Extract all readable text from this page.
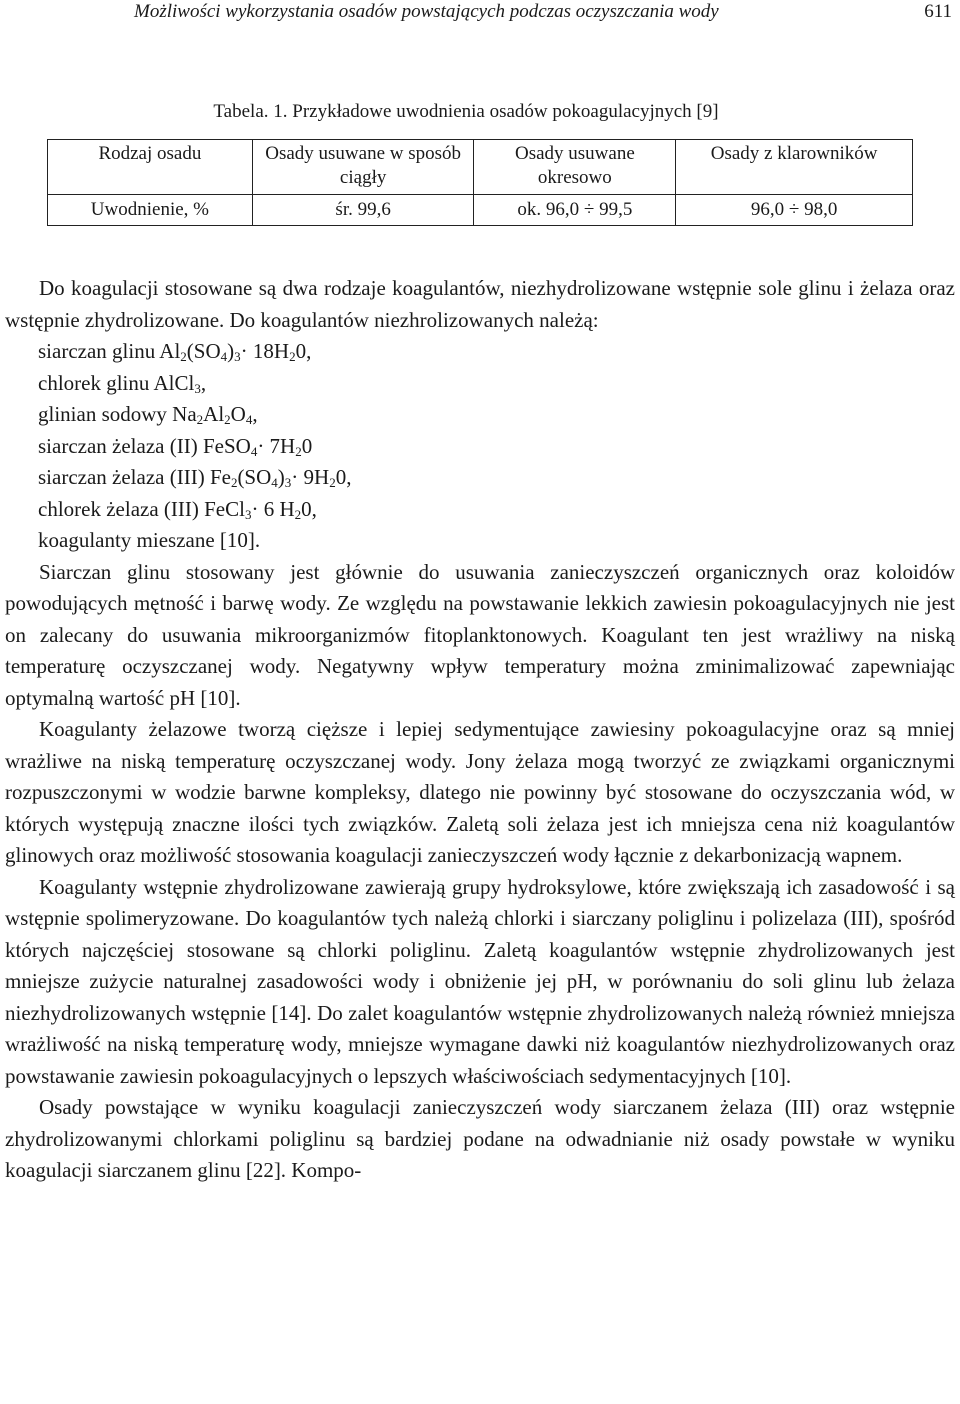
Możliwości wykorzystania osadów powstających podczas oczyszczania wody	611
Tabela. 1. Przykładowe uwodnienia osadów pokoagulacyjnych [9]
Rodzaj osadu	Osady usuwane w sposób ciągły	Osady usuwane okresowo	Osady z klarowników
Uwodnienie, %	śr. 99,6	ok. 96,0 ÷ 99,5	96,0 ÷ 98,0

Do koagulacji stosowane są dwa rodzaje koagulantów, niezhydrolizowane wstępnie sole glinu i żelaza oraz wstępnie zhydrolizowane. Do koagulantów niezhrolizowanych należą:

siarczan glinu $Al_2(SO_4)_3\cdot 18H_20$,
chlorek glinu AlCl$_3$,
glinian sodowy $Na_2Al_2O_4$,
siarczan żelaza (II) FeSO$_4$· $7H_20$
siarczan żelaza (III) $Fe_2(SO_4)_3\cdot 9H_20$,
chlorek żelaza (III) FeCl$_3$· 6 $H_20$,
koagulanty mieszane [10].

Siarczan glinu stosowany jest głównie do usuwania zanieczyszczeń organicznych oraz koloidów powodujących mętność i barwę wody. Ze względu na powstawanie lekkich zawiesin pokoagulacyjnych nie jest on zalecany do usuwania mikroorganizmów fitoplanktonowych. Koagulant ten jest wrażliwy na niską temperaturę oczyszczanej wody. Negatywny wpływ temperatury można zminimalizować zapewniając optymalną wartość pH [10].

Koagulanty żelazowe tworzą cięższe i lepiej sedymentujące zawiesiny pokoagulacyjne oraz są mniej wrażliwe na niską temperaturę oczyszczanej wody. Jony żelaza mogą tworzyć ze związkami organicznymi rozpuszczonymi w wodzie barwne kompleksy, dlatego nie powinny być stosowane do oczyszczania wód, w których występują znaczne ilości tych związków. Zaletą soli żelaza jest ich mniejsza cena niż koagulantów glinowych oraz możliwość stosowania koagulacji zanieczyszczeń wody łącznie z dekarbonizacją wapnem.

Koagulanty wstępnie zhydrolizowane zawierają grupy hydroksylowe, które zwiększają ich zasadowość i są wstępnie spolimeryzowane. Do koagulantów tych należą chlorki i siarczany poliglinu i polizelaza (III), spośród których najczęściej stosowane są chlorki poliglinu. Zaletą koagulantów wstępnie zhydrolizowanych jest mniejsze zużycie naturalnej zasadowości wody i obniżenie jej pH, w porównaniu do soli glinu lub żelaza niezhydrolizowanych wstępnie [14]. Do zalet koagulantów wstępnie zhydrolizowanych należą również mniejsza wrażliwość na niską temperaturę wody, mniejsze wymagane dawki niż koagulantów niezhydrolizowanych oraz powstawanie zawiesin pokoagulacyjnych o lepszych właściwościach sedymentacyjnych [10].

Osady powstające w wyniku koagulacji zanieczyszczeń wody siarczanem żelaza (III) oraz wstępnie zhydrolizowanymi chlorkami poliglinu są bardziej podane na odwadnianie niż osady powstałe w wyniku koagulacji siarczanem glinu [22]. Kompo-
